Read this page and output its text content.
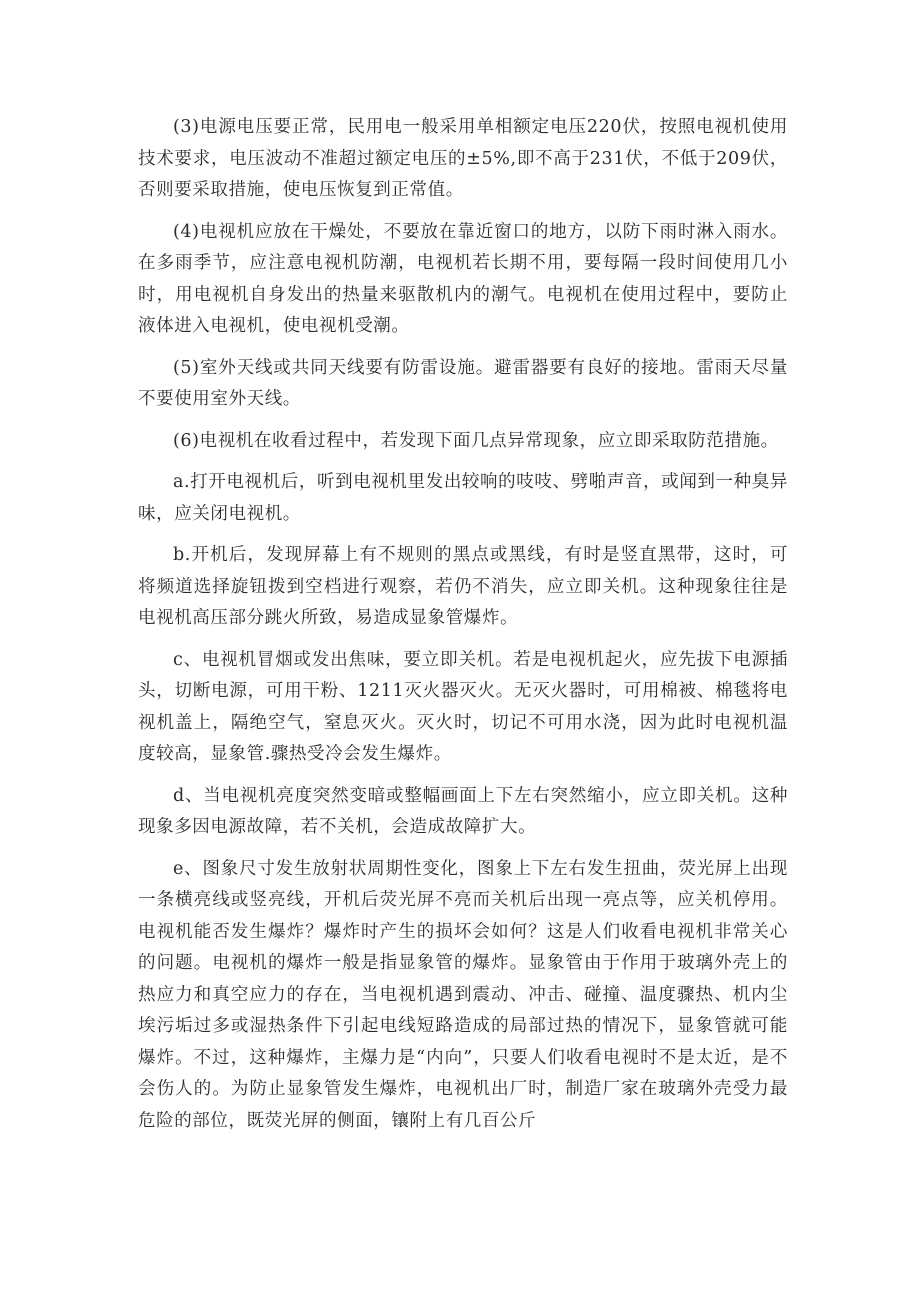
(3)电源电压要正常，民用电一般采用单相额定电压220伏，按照电视机使用技术要求，电压波动不准超过额定电压的±5%,即不高于231伏，不低于209伏，否则要采取措施，使电压恢复到正常值。

(4)电视机应放在干燥处，不要放在靠近窗口的地方，以防下雨时淋入雨水。在多雨季节，应注意电视机防潮，电视机若长期不用，要每隔一段时间使用几小时，用电视机自身发出的热量来驱散机内的潮气。电视机在使用过程中，要防止液体进入电视机，使电视机受潮。

(5)室外天线或共同天线要有防雷设施。避雷器要有良好的接地。雷雨天尽量不要使用室外天线。

(6)电视机在收看过程中，若发现下面几点异常现象，应立即采取防范措施。

a.打开电视机后，听到电视机里发出较响的吱吱、劈啪声音，或闻到一种臭异味，应关闭电视机。

b.开机后，发现屏幕上有不规则的黑点或黑线，有时是竖直黑带，这时，可将频道选择旋钮拨到空档进行观察，若仍不消失，应立即关机。这种现象往往是电视机高压部分跳火所致，易造成显象管爆炸。

c、电视机冒烟或发出焦味，要立即关机。若是电视机起火，应先拔下电源插头，切断电源，可用干粉、1211灭火器灭火。无灭火器时，可用棉被、棉毯将电视机盖上，隔绝空气，窒息灭火。灭火时，切记不可用水浇，因为此时电视机温度较高，显象管.骤热受冷会发生爆炸。

d、当电视机亮度突然变暗或整幅画面上下左右突然缩小，应立即关机。这种现象多因电源故障，若不关机，会造成故障扩大。

e、图象尺寸发生放射状周期性变化，图象上下左右发生扭曲，荧光屏上出现一条横亮线或竖亮线，开机后荧光屏不亮而关机后出现一亮点等，应关机停用。电视机能否发生爆炸？爆炸时产生的损坏会如何？这是人们收看电视机非常关心的问题。电视机的爆炸一般是指显象管的爆炸。显象管由于作用于玻璃外壳上的热应力和真空应力的存在，当电视机遇到震动、冲击、碰撞、温度骤热、机内尘埃污垢过多或湿热条件下引起电线短路造成的局部过热的情况下，显象管就可能爆炸。不过，这种爆炸，主爆力是“内向”，只要人们收看电视时不是太近，是不会伤人的。为防止显象管发生爆炸，电视机出厂时，制造厂家在玻璃外壳受力最危险的部位，既荧光屏的侧面，镶附上有几百公斤
